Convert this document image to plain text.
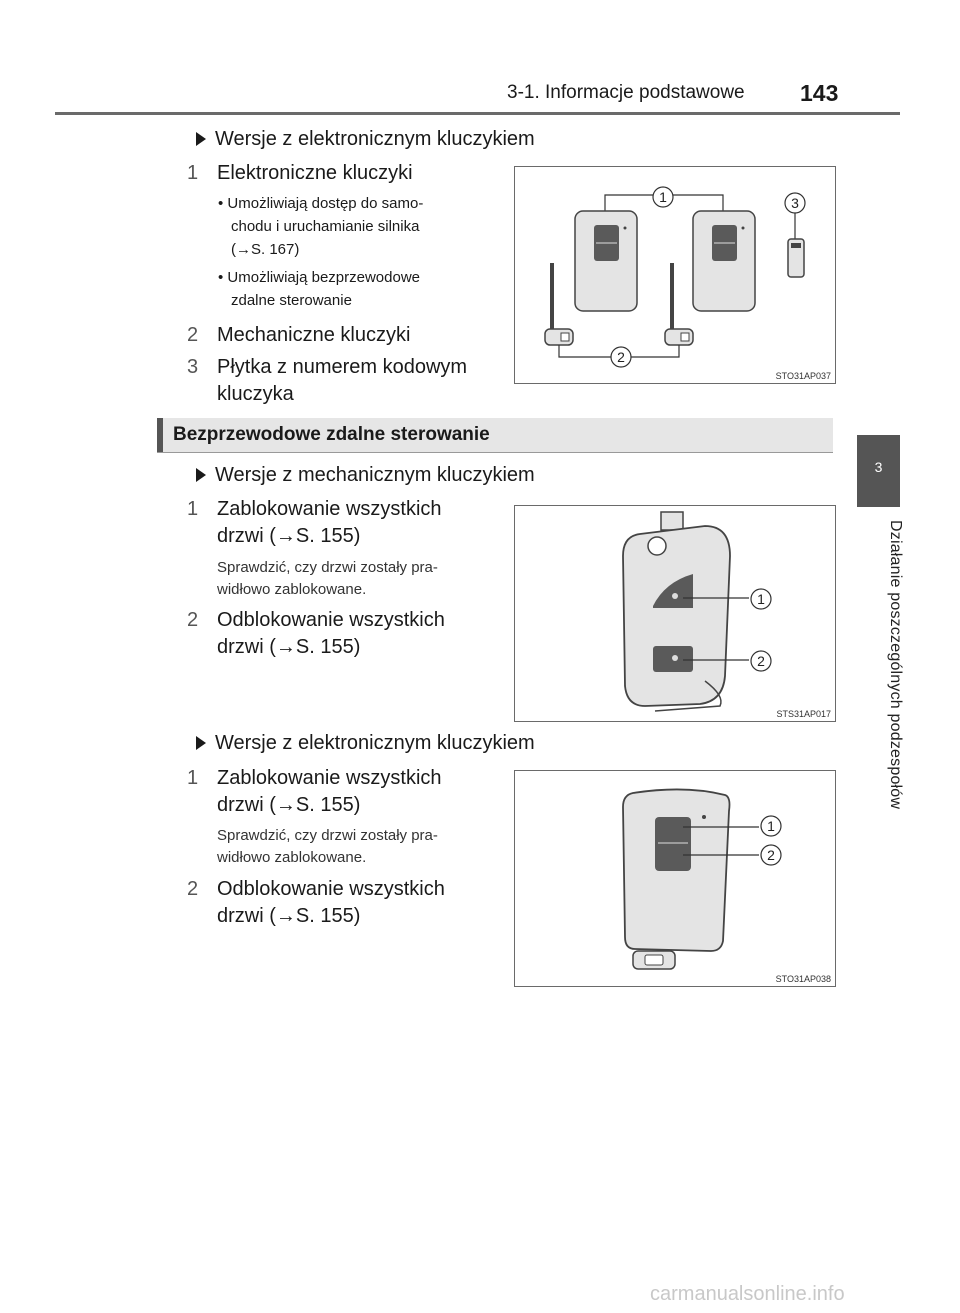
3-1. Informacje podstawowe 143
3
Działanie poszczególnych podzespołów
Wersje z elektronicznym kluczykiem
1 Elektroniczne kluczyki
• Umożliwiają dostęp do samo-
chodu i uruchamianie silnika
(→S. 167)
• Umożliwiają bezprzewodowe
zdalne sterowanie
2 Mechaniczne kluczyki
3 Płytka z numerem kodowym
kluczyka
1
2
3
STO31AP037
Bezprzewodowe zdalne sterowanie
Wersje z mechanicznym kluczykiem
1 Zablokowanie wszystkich
drzwi (→S. 155)
Sprawdzić, czy drzwi zostały pra-
widłowo zablokowane.
2 Odblokowanie wszystkich
drzwi (→S. 155)
1
2
STS31AP017
Wersje z elektronicznym kluczykiem
1 Zablokowanie wszystkich
drzwi (→S. 155)
Sprawdzić, czy drzwi zostały pra-
widłowo zablokowane.
2 Odblokowanie wszystkich
drzwi (→S. 155)
1
2
STO31AP038
carmanualsonline.info
